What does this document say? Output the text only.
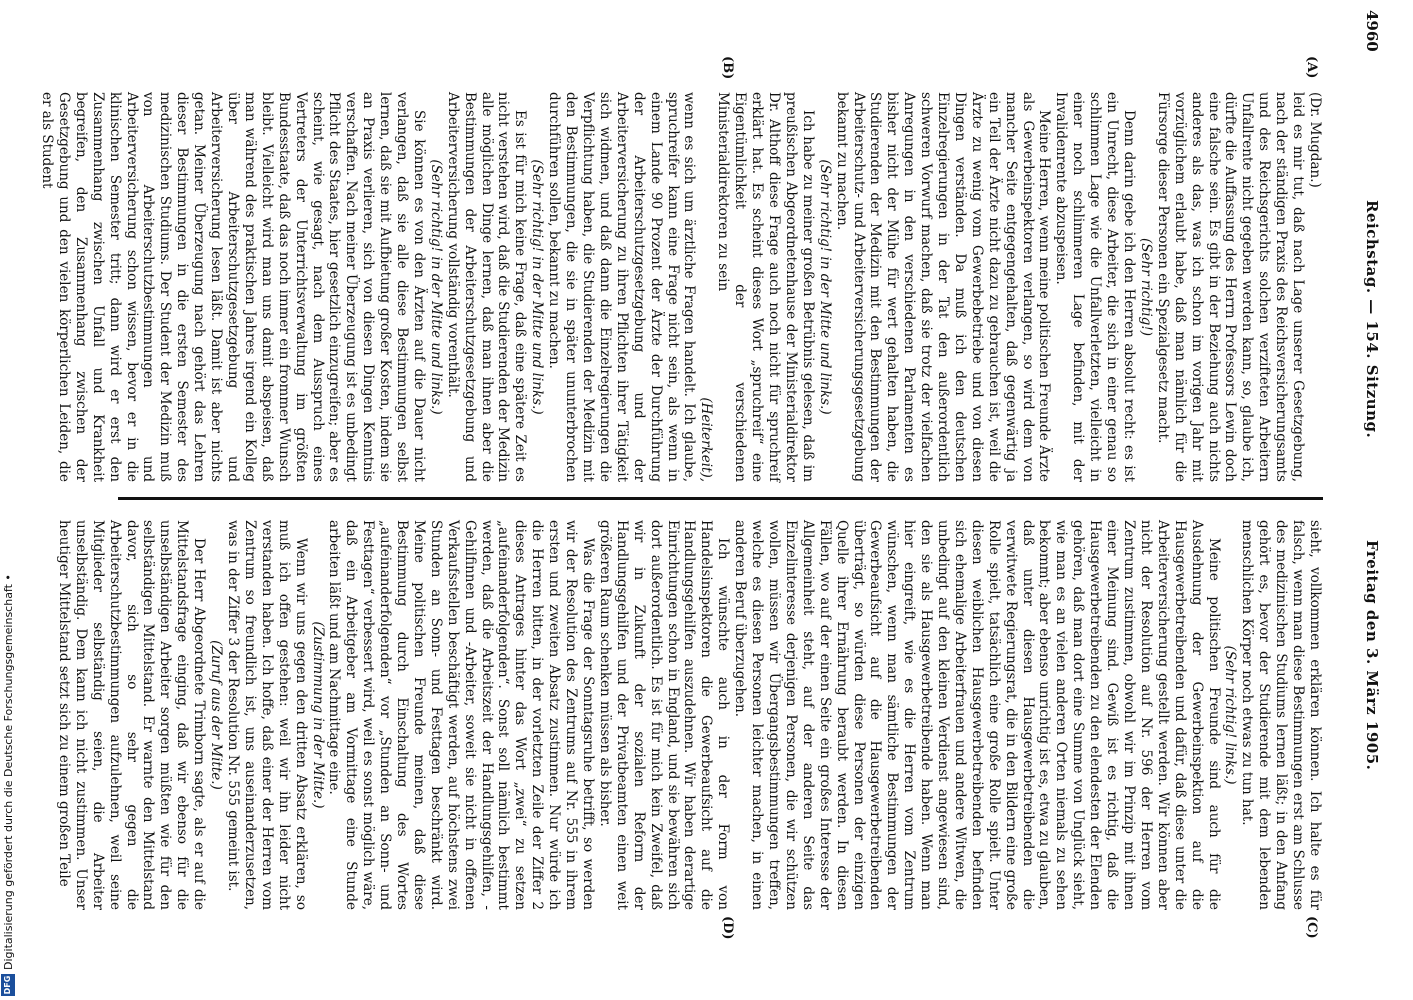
4960
Reichstag. — 154. Sitzung.
Freitag den 3. März 1905.
(A)
(B)
(C)
(D)

(Dr. Mugdan.)

leid es mir tut, daß nach Lage unserer Gesetzgebung, nach der ständigen Praxis des Reichsversicherungsamts und des Reichsgerichts solchen verzifteten Arbeitern Unfallrente nicht gegeben werden kann, so, glaube ich, dürfte die Auffassung des Herrn Professors Lewin doch eine falsche sein. Es gibt in der Beziehung auch nichts anderes als das, was ich schon im vorigen Jahr mit vorzüglichem erlaubt habe, daß man nämlich für die Fürsorge dieser Personen ein Spezialgesetz macht.

(Sehr richtig!)

Denn darin gebe ich den Herren absolut recht: es ist ein Unrecht, diese Arbeiter, die sich in einer genau so schlimmen Lage wie die Unfallverletzten, vielleicht in einer noch schlimmeren Lage befinden, mit der Invalidenrente abzuspeisen.

Meine Herren, wenn meine politischen Freunde Ärzte als Gewerbeinspektoren verlangen, so wird dem von mancher Seite entgegengehalten, daß gegenwärtig ja ein Teil der Ärzte nicht dazu zu gebrauchen ist, weil die Ärzte zu wenig vom Gewerbebetriebe und von diesen Dingen verständen. Da muß ich den deutschen Einzelregierungen in der Tat den außerordentlich schweren Vorwurf machen, daß sie trotz der vielfachen Anregungen in den verschiedenen Parlamenten es bisher nicht der Mühe für wert gehalten haben, die Studierenden der Medizin mit den Bestimmungen der Arbeiterschutz- und Arbeiterversicherungsgesetzgebung bekannt zu machen.

(Sehr richtig! in der Mitte und links.)

Ich habe zu meiner großen Betrübnis gelesen, daß im preußischen Abgeordnetenhause der Ministerialdirektor Dr. Althoff diese Frage auch noch nicht für spruchreif erklärt hat. Es scheint dieses Wort „spruchreif“ eine Eigentümlichkeit der verschiedenen Ministerialdirektoren zu sein

(Heiterkeit),

wenn es sich um ärztliche Fragen handelt. Ich glaube, spruchreifer kann eine Frage nicht sein, als wenn in einem Lande 90 Prozent der Ärzte der Durchführung der Arbeiterschutzgesetzgebung und der Arbeiterversicherung zu ihren Pflichten ihrer Tätigkeit sich widmen, und daß dann die Einzelregierungen die Verpflichtung haben, die Studierenden der Medizin mit den Bestimmungen, die sie in später ununterbrochen durchführen sollen, bekannt zu machen.

(Sehr richtig! in der Mitte und links.)

Es ist für mich keine Frage, daß eine spätere Zeit es nicht verstehen wird, daß die Studierenden der Medizin alle möglichen Dinge lernen, daß man ihnen aber die Bestimmungen der Arbeiterschutzgesetzgebung und Arbeiterversicherung vollständig vorenthält.

(Sehr richtig! in der Mitte und links.)

Sie können es von den Ärzten auf die Dauer nicht verlangen, daß sie alle diese Bestimmungen selbst lernen, daß sie mit Aufbietung großer Kosten, indem sie an Praxis verlieren, sich von diesen Dingen Kenntnis verschaffen. Nach meiner Überzeugung ist es unbedingt Pflicht des Staates, hier gesetzlich einzugreifen; aber es scheint, wie gesagt, nach dem Ausspruch eines Vertreters der Unterrichtsverwaltung im größten Bundesstaate, daß das noch immer ein frommer Wunsch bleibt. Vielleicht wird man uns damit abspeisen, daß man während des praktischen Jahres irgend ein Kolleg über Arbeiterschutzgesetzgebung und Arbeiterversicherung lesen läßt. Damit ist aber nichts getan. Meiner Überzeugung nach gehört das Lehren dieser Bestimmungen in die ersten Semester des medizinischen Studiums. Der Student der Medizin muß von Arbeiterschutzbestimmungen und Arbeiterversicherung schon wissen, bevor er in die klinischen Semester tritt; dann wird er erst den Zusammenhang zwischen Unfall und Krankheit begreifen, den Zusammenhang zwischen der Gesetzgebung und den vielen körperlichen Leiden, die er als Student

sieht, vollkommen erklären können. Ich halte es für falsch, wenn man diese Bestimmungen erst am Schlusse des medizinischen Studiums lernen läßt; in den Anfang gehört es, bevor der Studierende mit dem lebenden menschlichen Körper noch etwas zu tun hat.

(Sehr richtig! links.)

Meine politischen Freunde sind auch für die Ausdehnung der Gewerbeinspektion auf die Hausgewerbetreibenden und dafür, daß diese unter die Arbeiterversicherung gestellt werden. Wir können aber nicht der Resolution auf Nr. 596 der Herren vom Zentrum zustimmen, obwohl wir im Prinzip mit ihnen einer Meinung sind. Gewiß ist es richtig, daß die Hausgewerbetreibenden zu den elendesten der Elenden gehören, daß man dort eine Summe von Unglück sieht, wie man es an vielen anderen Orten niemals zu sehen bekommt; aber ebenso unrichtig ist es, etwa zu glauben, daß unter diesen Hausgewerbetreibenden die verwitwete Regierungsrat, die in den Bildern eine große Rolle spielt, tatsächlich eine große Rolle spielt. Unter diesen weiblichen Hausgewerbetreibenden befinden sich ehemalige Arbeiterfrauen und andere Witwen, die unbedingt auf den kleinen Verdienst angewiesen sind, den sie als Hausgewerbetreibende haben. Wenn man hier eingreift, wie es die Herren vom Zentrum wünschen, wenn man sämtliche Bestimmungen der Gewerbeaufsicht auf die Hausgewerbetreibenden überträgt, so würden diese Personen der einzigen Quelle ihrer Ernährung beraubt werden. In diesen Fällen, wo auf der einen Seite ein großes Interesse der Allgemeinheit steht, auf der anderen Seite das Einzelinteresse derjenigen Personen, die wir schützen wollen, müssen wir Übergangsbestimmungen treffen, welche es diesen Personen leichter machen, in einen anderen Beruf überzugehen.

Ich wünschte auch in der Form von Handelsinspektoren die Gewerbeaufsicht auf die Handlungsgehilfen auszudehnen. Wir haben derartige Einrichtungen schon in England, und sie bewähren sich dort außerordentlich. Es ist für mich kein Zweifel, daß wir in Zukunft der sozialen Reform der Handlungsgehilfen und der Privatbeamten einen weit größeren Raum schenken müssen als bisher.

Was die Frage der Sonntagsruhe betrifft, so werden wir der Resolution des Zentrums auf Nr. 555 in ihrem ersten und zweiten Absatz zustimmen. Nur würde ich die Herren bitten, in der vorletzten Zeile der Ziffer 2 dieses Antrages hinter das Wort „zwei“ zu setzen „aufeinanderfolgenden“. Sonst soll nämlich bestimmt werden, daß die Arbeitszeit der Handlungsgehilfen, -Gehilfinnen und -Arbeiter, soweit sie nicht in offenen Verkaufsstellen beschäftigt werden, auf höchstens zwei Stunden an Sonn- und Festtagen beschränkt wird. Meine politischen Freunde meinen, daß diese Bestimmung durch Einschaltung des Wortes „aufeinanderfolgenden“ vor „Stunden an Sonn- und Festtagen“ verbessert wird, weil es sonst möglich wäre, daß ein Arbeitgeber am Vormittage eine Stunde arbeiten läßt und am Nachmittage eine.

(Zustimmung in der Mitte.)

Wenn wir uns gegen den dritten Absatz erklären, so muß ich offen gestehen: weil wir ihn leider nicht verstanden haben. Ich hoffe, daß einer der Herren vom Zentrum so freundlich ist, uns auseinanderzusetzen, was in der Ziffer 3 der Resolution Nr. 555 gemeint ist.

(Zuruf aus der Mitte.)

Der Herr Abgeordnete Trimborn sagte, als er auf die Mittelstandsfrage einging, daß wir ebenso für die unselbständigen Arbeiter sorgen müßten wie für den selbständigen Mittelstand. Er warnte den Mittelstand davor, sich so sehr gegen die Arbeiterschutzbestimmungen aufzulehnen, weil seine Mitglieder selbständig seien, die Arbeiter unselbständig. Dem kann ich nicht zustimmen. Unser heutiger Mittelstand setzt sich zu einem großen Teile

DFG
Digitalisierung gefördert durch die Deutsche Forschungsgemeinschaft •
